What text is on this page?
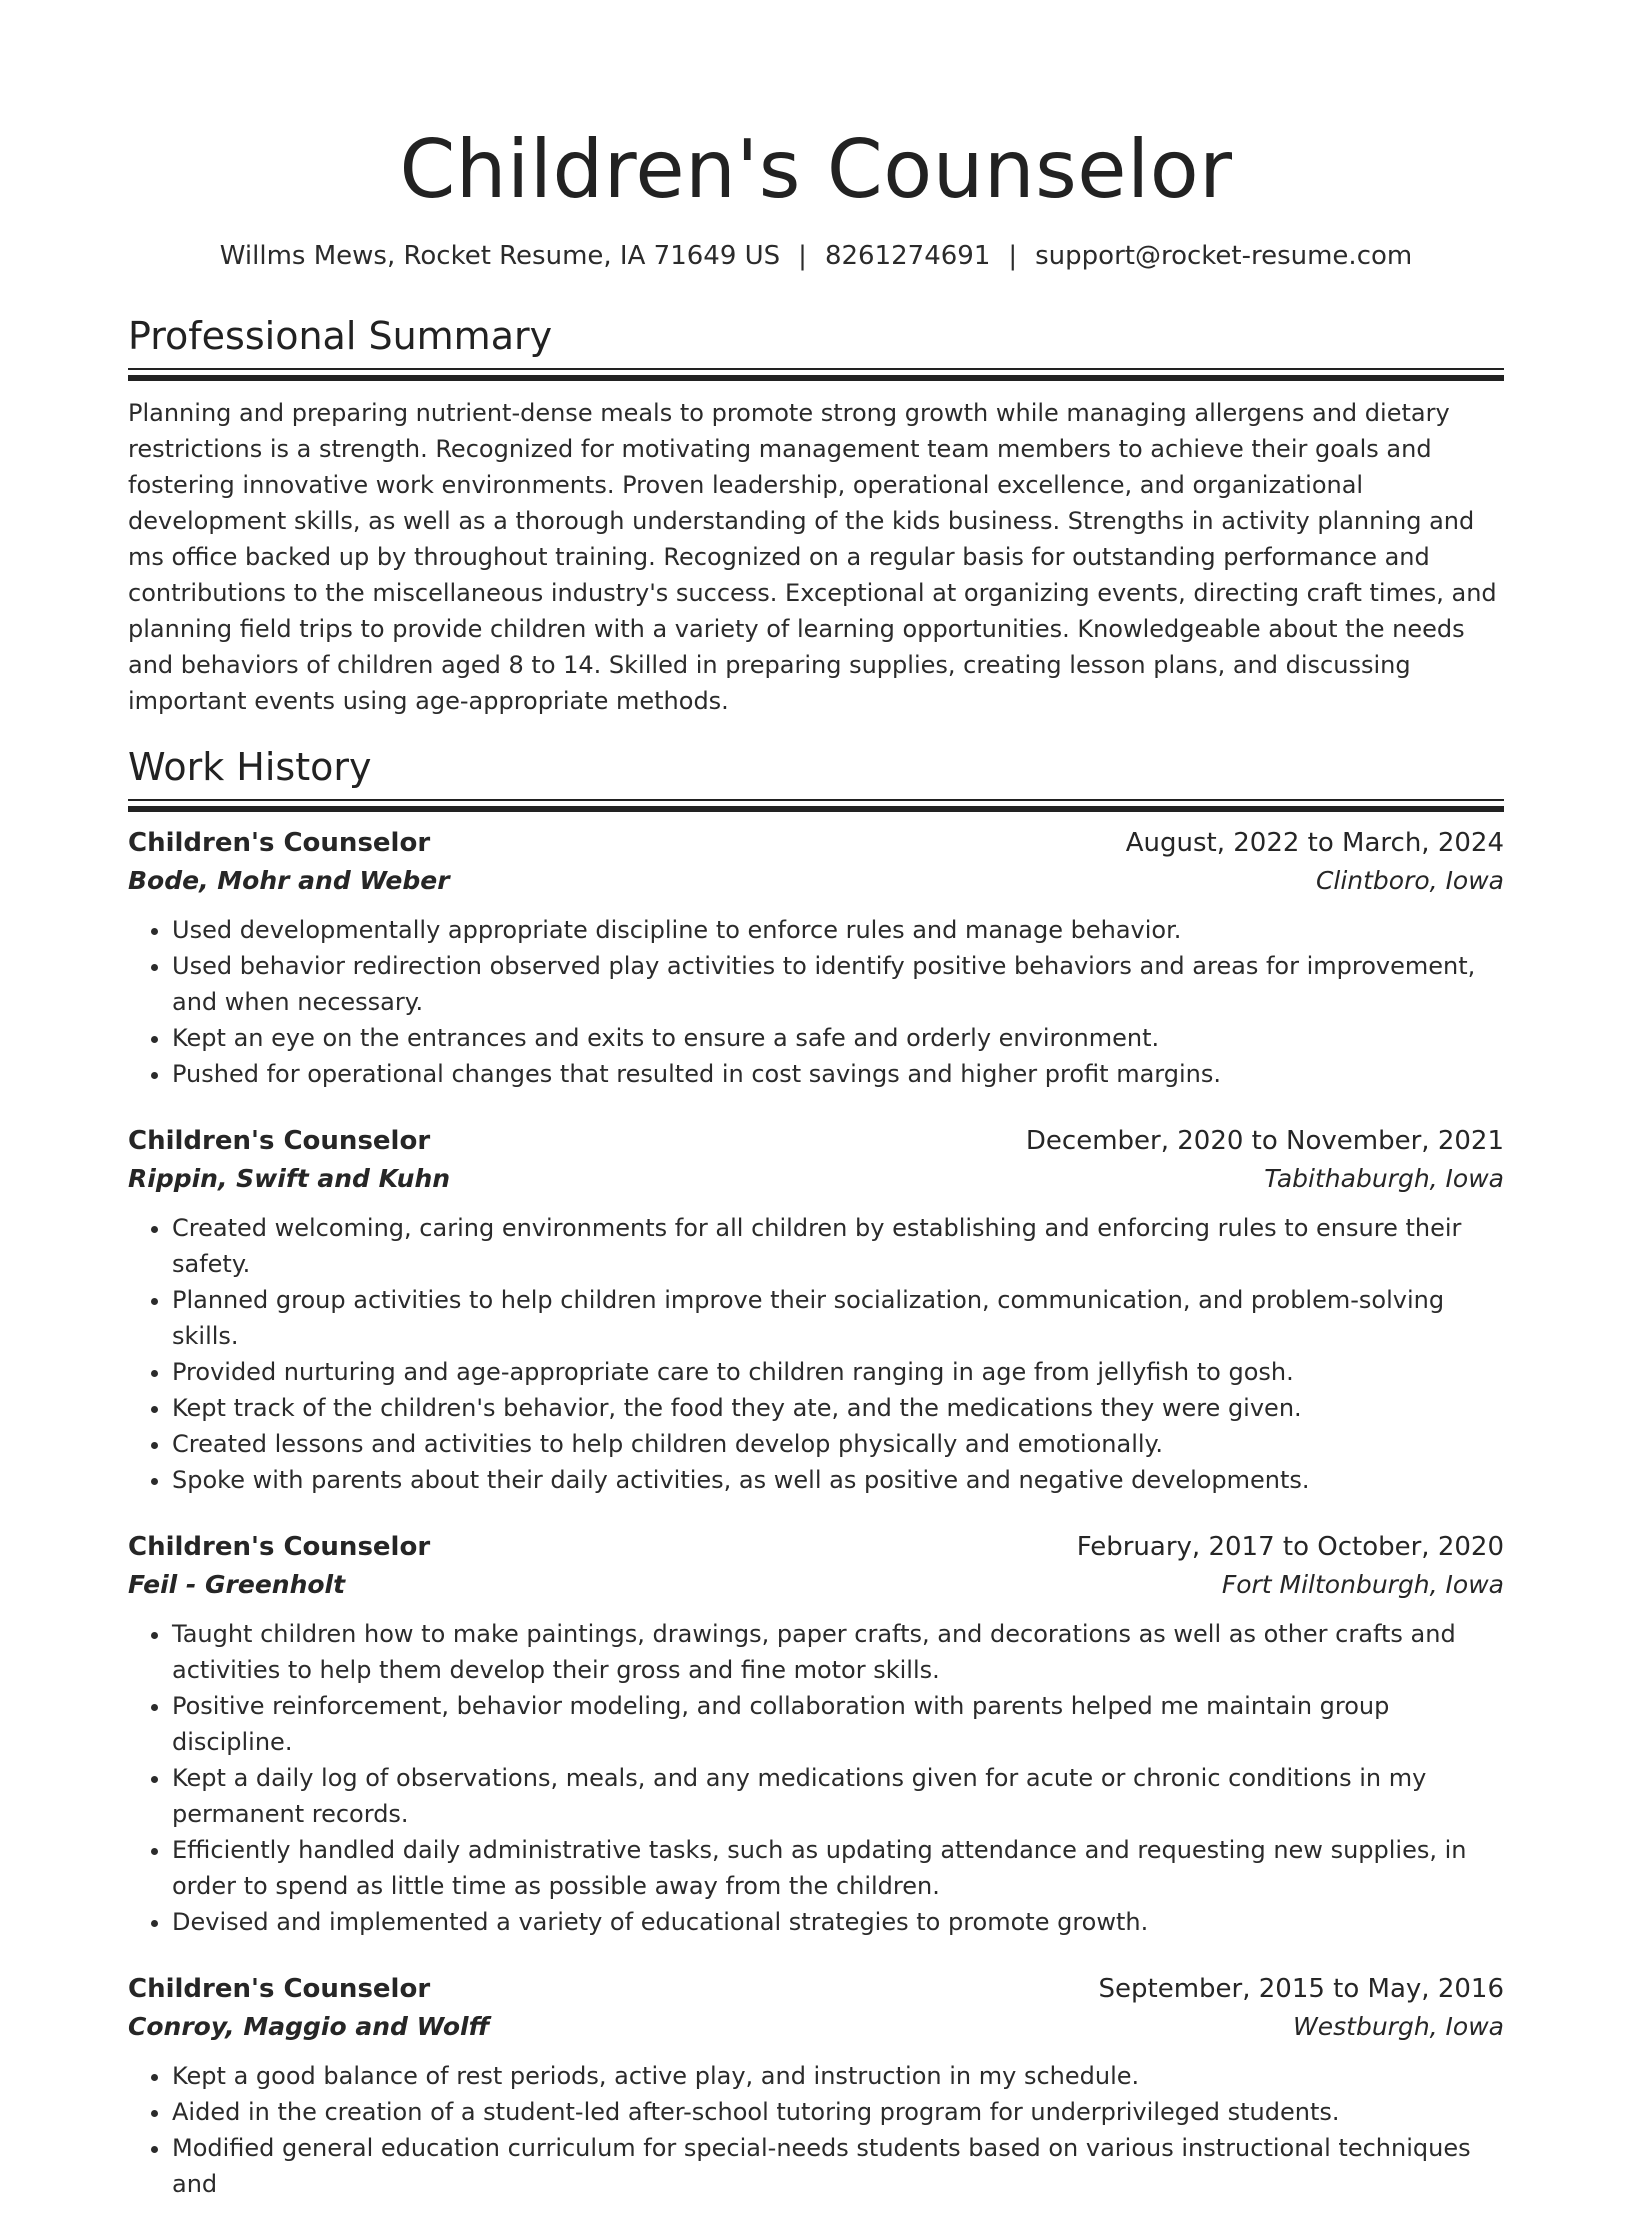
Children's Counselor
Willms Mews, Rocket Resume, IA 71649 US | 8261274691 | support@rocket-resume.com
Professional Summary

Planning and preparing nutrient-dense meals to promote strong growth while managing allergens and dietary restrictions is a strength. Recognized for motivating management team members to achieve their goals and fostering innovative work environments. Proven leadership, operational excellence, and organizational development skills, as well as a thorough understanding of the kids business. Strengths in activity planning and ms office backed up by throughout training. Recognized on a regular basis for outstanding performance and contributions to the miscellaneous industry's success. Exceptional at organizing events, directing craft times, and planning field trips to provide children with a variety of learning opportunities. Knowledgeable about the needs and behaviors of children aged 8 to 14. Skilled in preparing supplies, creating lesson plans, and discussing important events using age-appropriate methods.

Work History
Children's Counselor	August, 2022 to March, 2024
Bode, Mohr and Weber	Clintboro, Iowa
• Used developmentally appropriate discipline to enforce rules and manage behavior.
• Used behavior redirection observed play activities to identify positive behaviors and areas for improvement, and when necessary.
• Kept an eye on the entrances and exits to ensure a safe and orderly environment.
• Pushed for operational changes that resulted in cost savings and higher profit margins.
Children's Counselor	December, 2020 to November, 2021
Rippin, Swift and Kuhn	Tabithaburgh, Iowa
• Created welcoming, caring environments for all children by establishing and enforcing rules to ensure their safety.
• Planned group activities to help children improve their socialization, communication, and problem-solving skills.
• Provided nurturing and age-appropriate care to children ranging in age from jellyfish to gosh.
• Kept track of the children's behavior, the food they ate, and the medications they were given.
• Created lessons and activities to help children develop physically and emotionally.
• Spoke with parents about their daily activities, as well as positive and negative developments.
Children's Counselor	February, 2017 to October, 2020
Feil - Greenholt	Fort Miltonburgh, Iowa
• Taught children how to make paintings, drawings, paper crafts, and decorations as well as other crafts and activities to help them develop their gross and fine motor skills.
• Positive reinforcement, behavior modeling, and collaboration with parents helped me maintain group discipline.
• Kept a daily log of observations, meals, and any medications given for acute or chronic conditions in my permanent records.
• Efficiently handled daily administrative tasks, such as updating attendance and requesting new supplies, in order to spend as little time as possible away from the children.
• Devised and implemented a variety of educational strategies to promote growth.
Children's Counselor	September, 2015 to May, 2016
Conroy, Maggio and Wolff	Westburgh, Iowa
• Kept a good balance of rest periods, active play, and instruction in my schedule.
• Aided in the creation of a student-led after-school tutoring program for underprivileged students.
• Modified general education curriculum for special-needs students based on various instructional techniques and
